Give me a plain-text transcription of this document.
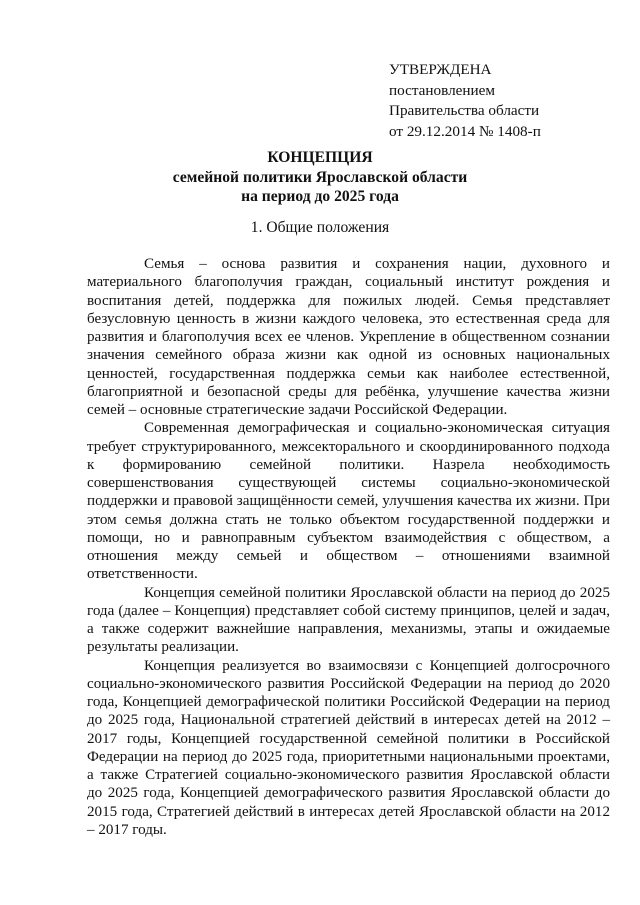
УТВЕРЖДЕНА
постановлением
Правительства области
от 29.12.2014 № 1408-п
КОНЦЕПЦИЯ
семейной политики Ярославской области
на период до 2025 года
1. Общие положения

Семья – основа развития и сохранения нации, духовного и материального благополучия граждан, социальный институт рождения и воспитания детей, поддержка для пожилых людей. Семья представляет безусловную ценность в жизни каждого человека, это естественная среда для развития и благополучия всех ее членов. Укрепление в общественном сознании значения семейного образа жизни как одной из основных национальных ценностей, государственная поддержка семьи как наиболее естественной, благоприятной и безопасной среды для ребёнка, улучшение качества жизни семей – основные стратегические задачи Российской Федерации.

Современная демографическая и социально-экономическая ситуация требует структурированного, межсекторального и скоординированного подхода к формированию семейной политики. Назрела необходимость совершенствования существующей системы социально-экономической поддержки и правовой защищённости семей, улучшения качества их жизни. При этом семья должна стать не только объектом государственной поддержки и помощи, но и равноправным субъектом взаимодействия с обществом, а отношения между семьей и обществом – отношениями взаимной ответственности.

Концепция семейной политики Ярославской области на период до 2025 года (далее – Концепция) представляет собой систему принципов, целей и задач, а также содержит важнейшие направления, механизмы, этапы и ожидаемые результаты реализации.

Концепция реализуется во взаимосвязи с Концепцией долгосрочного социально-экономического развития Российской Федерации на период до 2020 года, Концепцией демографической политики Российской Федерации на период до 2025 года, Национальной стратегией действий в интересах детей на 2012 – 2017 годы, Концепцией государственной семейной политики в Российской Федерации на период до 2025 года, приоритетными национальными проектами, а также Стратегией социально-экономического развития Ярославской области до 2025 года, Концепцией демографического развития Ярославской области до 2015 года, Стратегией действий в интересах детей Ярославской области на 2012 – 2017 годы.
